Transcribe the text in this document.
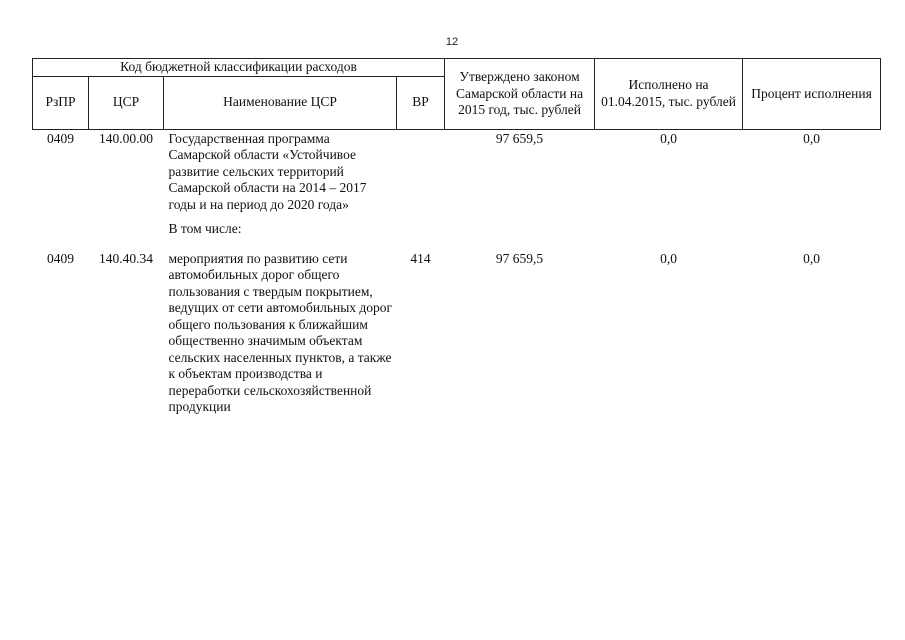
12
Код бюджетной классификации расходов				Утверждено законом Самарской области на 2015 год, тыс. рублей	Исполнено на 01.04.2015, тыс. рублей	Процент исполнения
РзПР	ЦСР	Наименование ЦСР	ВР			
0409	140.00.00	Государственная программа Самарской области «Устойчивое развитие сельских территорий Самарской области на 2014 – 2017 годы и на период до 2020 года»		97 659,5	0,0	0,0
		В том числе:				

0409	140.40.34	мероприятия по развитию сети автомобильных дорог общего пользования с твердым покрытием, ведущих от сети автомобильных дорог общего пользования к ближайшим общественно значимым объектам сельских населенных пунктов, а также к объектам производства и переработки сельскохозяйственной продукции	414	97 659,5	0,0	0,0
